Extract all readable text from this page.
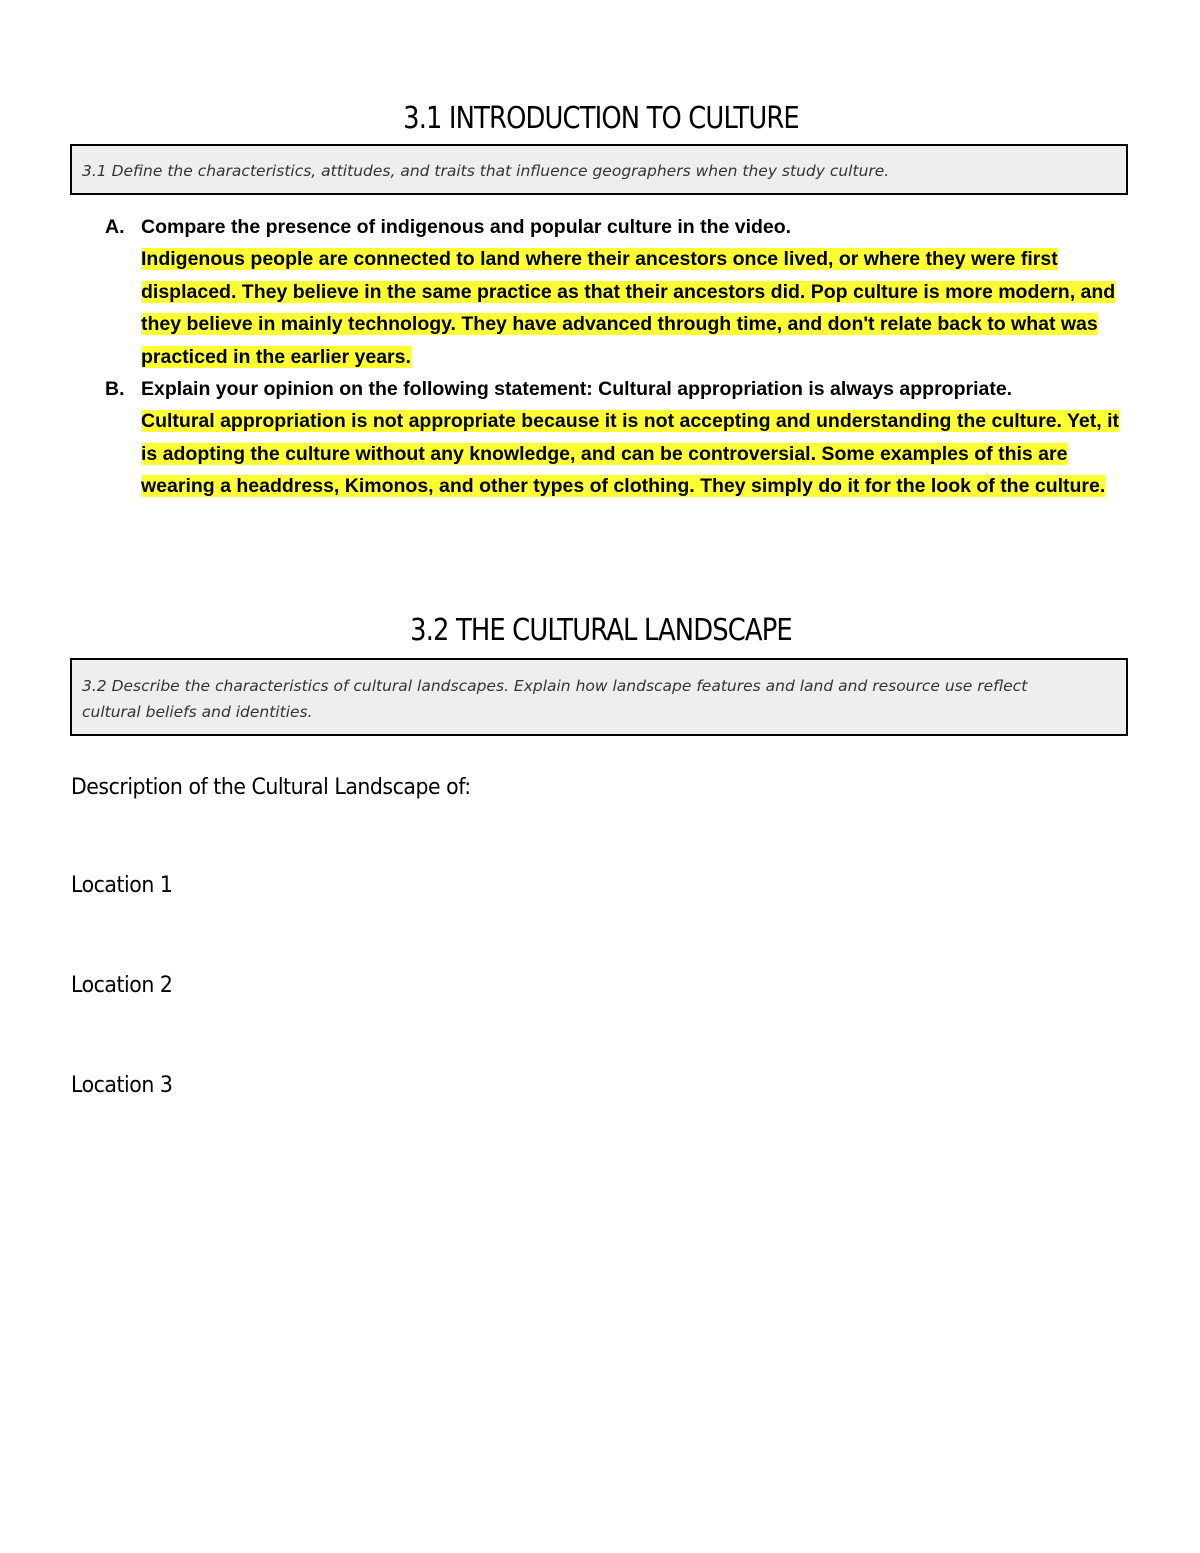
3.1 INTRODUCTION TO CULTURE
3.1 Define the characteristics, attitudes, and traits that influence geographers when they study culture.
A. Compare the presence of indigenous and popular culture in the video.
Indigenous people are connected to land where their ancestors once lived, or where they were first displaced. They believe in the same practice as that their ancestors did. Pop culture is more modern, and they believe in mainly technology. They have advanced through time, and don't relate back to what was practiced in the earlier years.
B. Explain your opinion on the following statement: Cultural appropriation is always appropriate.
Cultural appropriation is not appropriate because it is not accepting and understanding the culture. Yet, it is adopting the culture without any knowledge, and can be controversial. Some examples of this are wearing a headdress, Kimonos, and other types of clothing. They simply do it for the look of the culture.
3.2 THE CULTURAL LANDSCAPE
3.2 Describe the characteristics of cultural landscapes. Explain how landscape features and land and resource use reflect cultural beliefs and identities.

Description of the Cultural Landscape of:

Location 1

Location 2

Location 3
